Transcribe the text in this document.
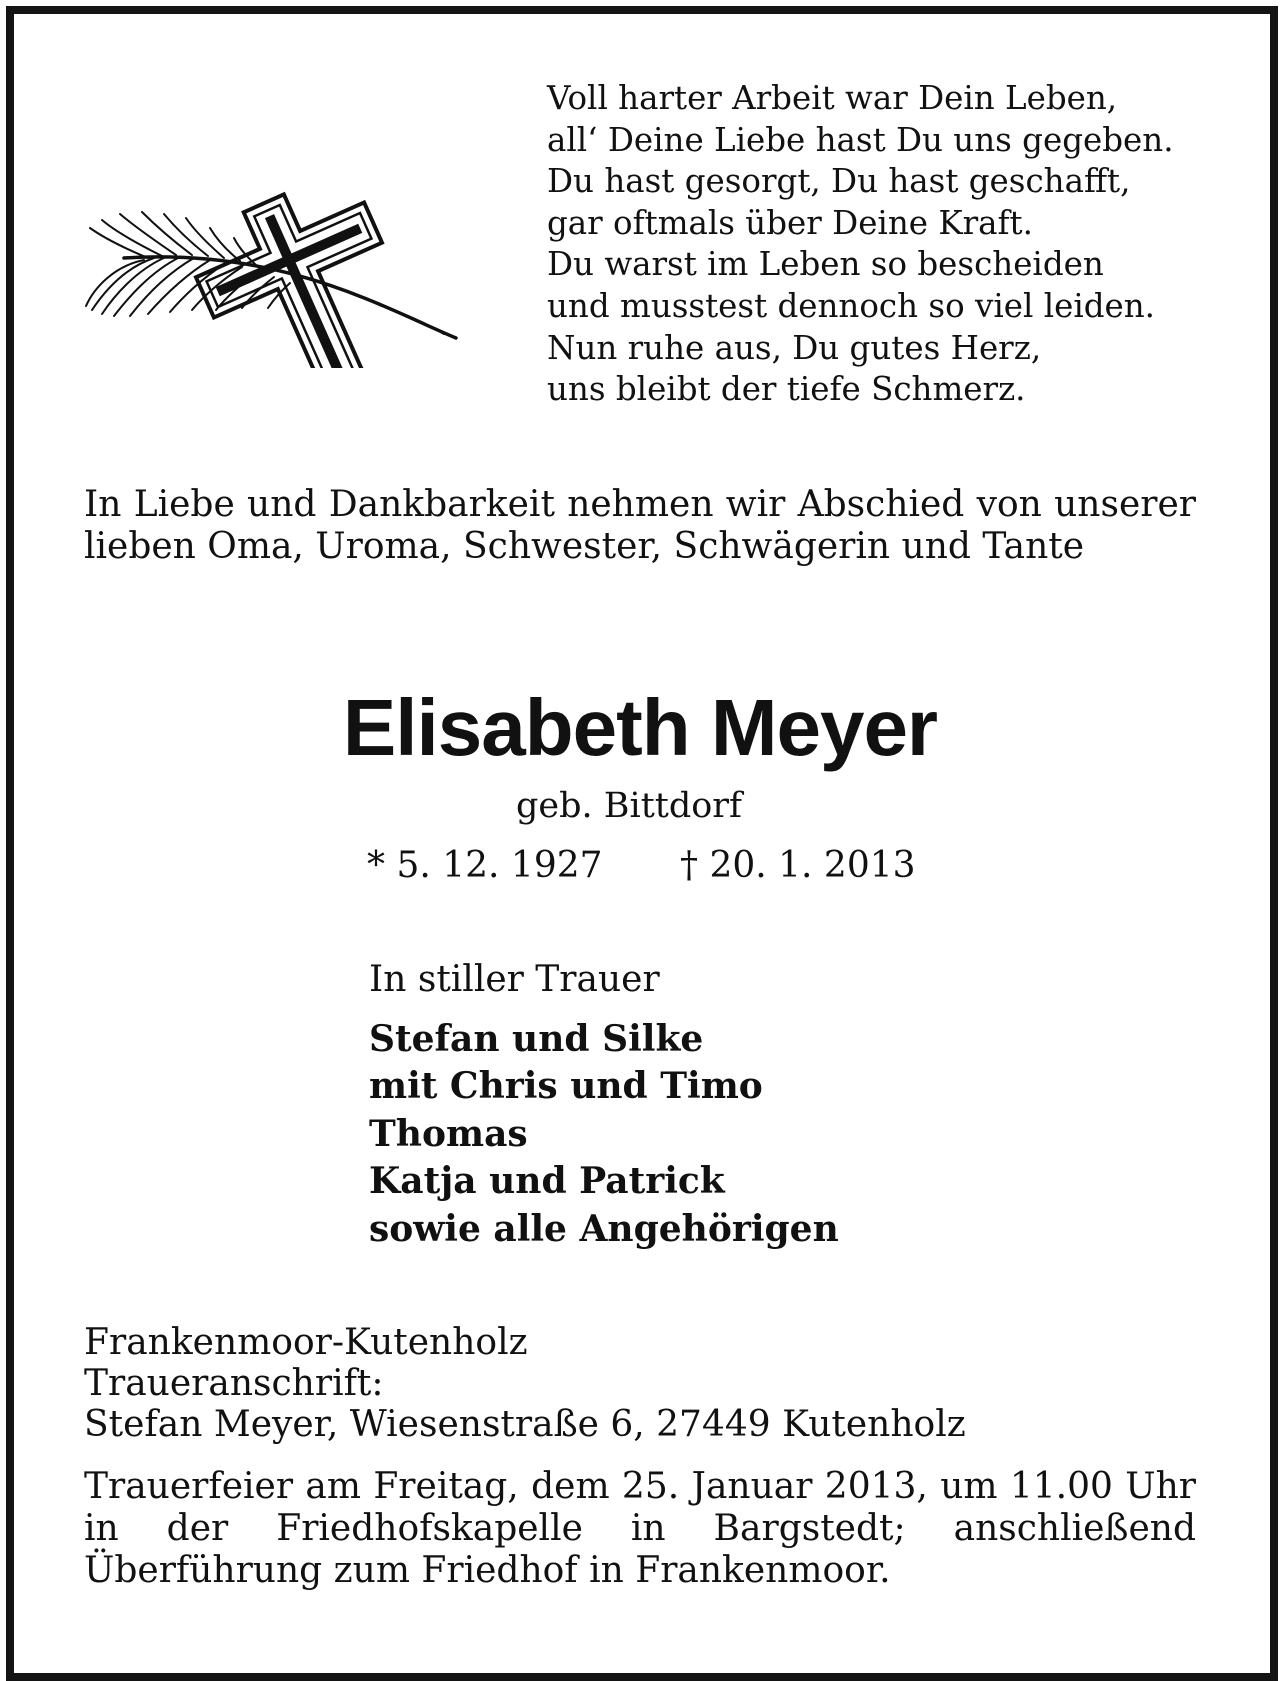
Voll harter Arbeit war Dein Leben,
all‘ Deine Liebe hast Du uns gegeben.
Du hast gesorgt, Du hast geschafft,
gar oftmals über Deine Kraft.
Du warst im Leben so bescheiden
und musstest dennoch so viel leiden.
Nun ruhe aus, Du gutes Herz,
uns bleibt der tiefe Schmerz.
In Liebe und Dankbarkeit nehmen wir Abschied von unserer lieben Oma, Uroma, Schwester, Schwägerin und Tante
Elisabeth Meyer
geb. Bittdorf
* 5. 12. 1927 † 20. 1. 2013
In stiller Trauer
Stefan und Silke
mit Chris und Timo
Thomas
Katja und Patrick
sowie alle Angehörigen
Frankenmoor-Kutenholz
Traueranschrift:
Stefan Meyer, Wiesenstraße 6, 27449 Kutenholz
Trauerfeier am Freitag, dem 25. Januar 2013, um 11.00 Uhr in der Friedhofskapelle in Bargstedt; anschließend Überführung zum Friedhof in Frankenmoor.
